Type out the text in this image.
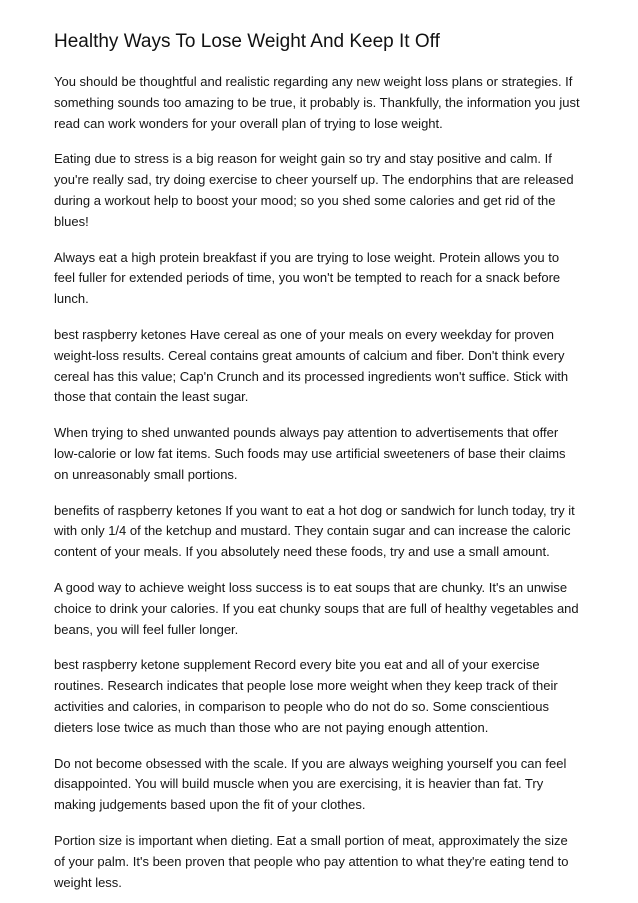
Healthy Ways To Lose Weight And Keep It Off

You should be thoughtful and realistic regarding any new weight loss plans or strategies. If something sounds too amazing to be true, it probably is. Thankfully, the information you just read can work wonders for your overall plan of trying to lose weight.

Eating due to stress is a big reason for weight gain so try and stay positive and calm. If you're really sad, try doing exercise to cheer yourself up. The endorphins that are released during a workout help to boost your mood; so you shed some calories and get rid of the blues!

Always eat a high protein breakfast if you are trying to lose weight. Protein allows you to feel fuller for extended periods of time, you won't be tempted to reach for a snack before lunch.

best raspberry ketones Have cereal as one of your meals on every weekday for proven weight-loss results. Cereal contains great amounts of calcium and fiber. Don't think every cereal has this value; Cap'n Crunch and its processed ingredients won't suffice. Stick with those that contain the least sugar.

When trying to shed unwanted pounds always pay attention to advertisements that offer low-calorie or low fat items. Such foods may use artificial sweeteners of base their claims on unreasonably small portions.

benefits of raspberry ketones If you want to eat a hot dog or sandwich for lunch today, try it with only 1/4 of the ketchup and mustard. They contain sugar and can increase the caloric content of your meals. If you absolutely need these foods, try and use a small amount.

A good way to achieve weight loss success is to eat soups that are chunky. It's an unwise choice to drink your calories. If you eat chunky soups that are full of healthy vegetables and beans, you will feel fuller longer.

best raspberry ketone supplement Record every bite you eat and all of your exercise routines. Research indicates that people lose more weight when they keep track of their activities and calories, in comparison to people who do not do so. Some conscientious dieters lose twice as much than those who are not paying enough attention.

Do not become obsessed with the scale. If you are always weighing yourself you can feel disappointed. You will build muscle when you are exercising, it is heavier than fat. Try making judgements based upon the fit of your clothes.

Portion size is important when dieting. Eat a small portion of meat, approximately the size of your palm. It's been proven that people who pay attention to what they're eating tend to weight less.
